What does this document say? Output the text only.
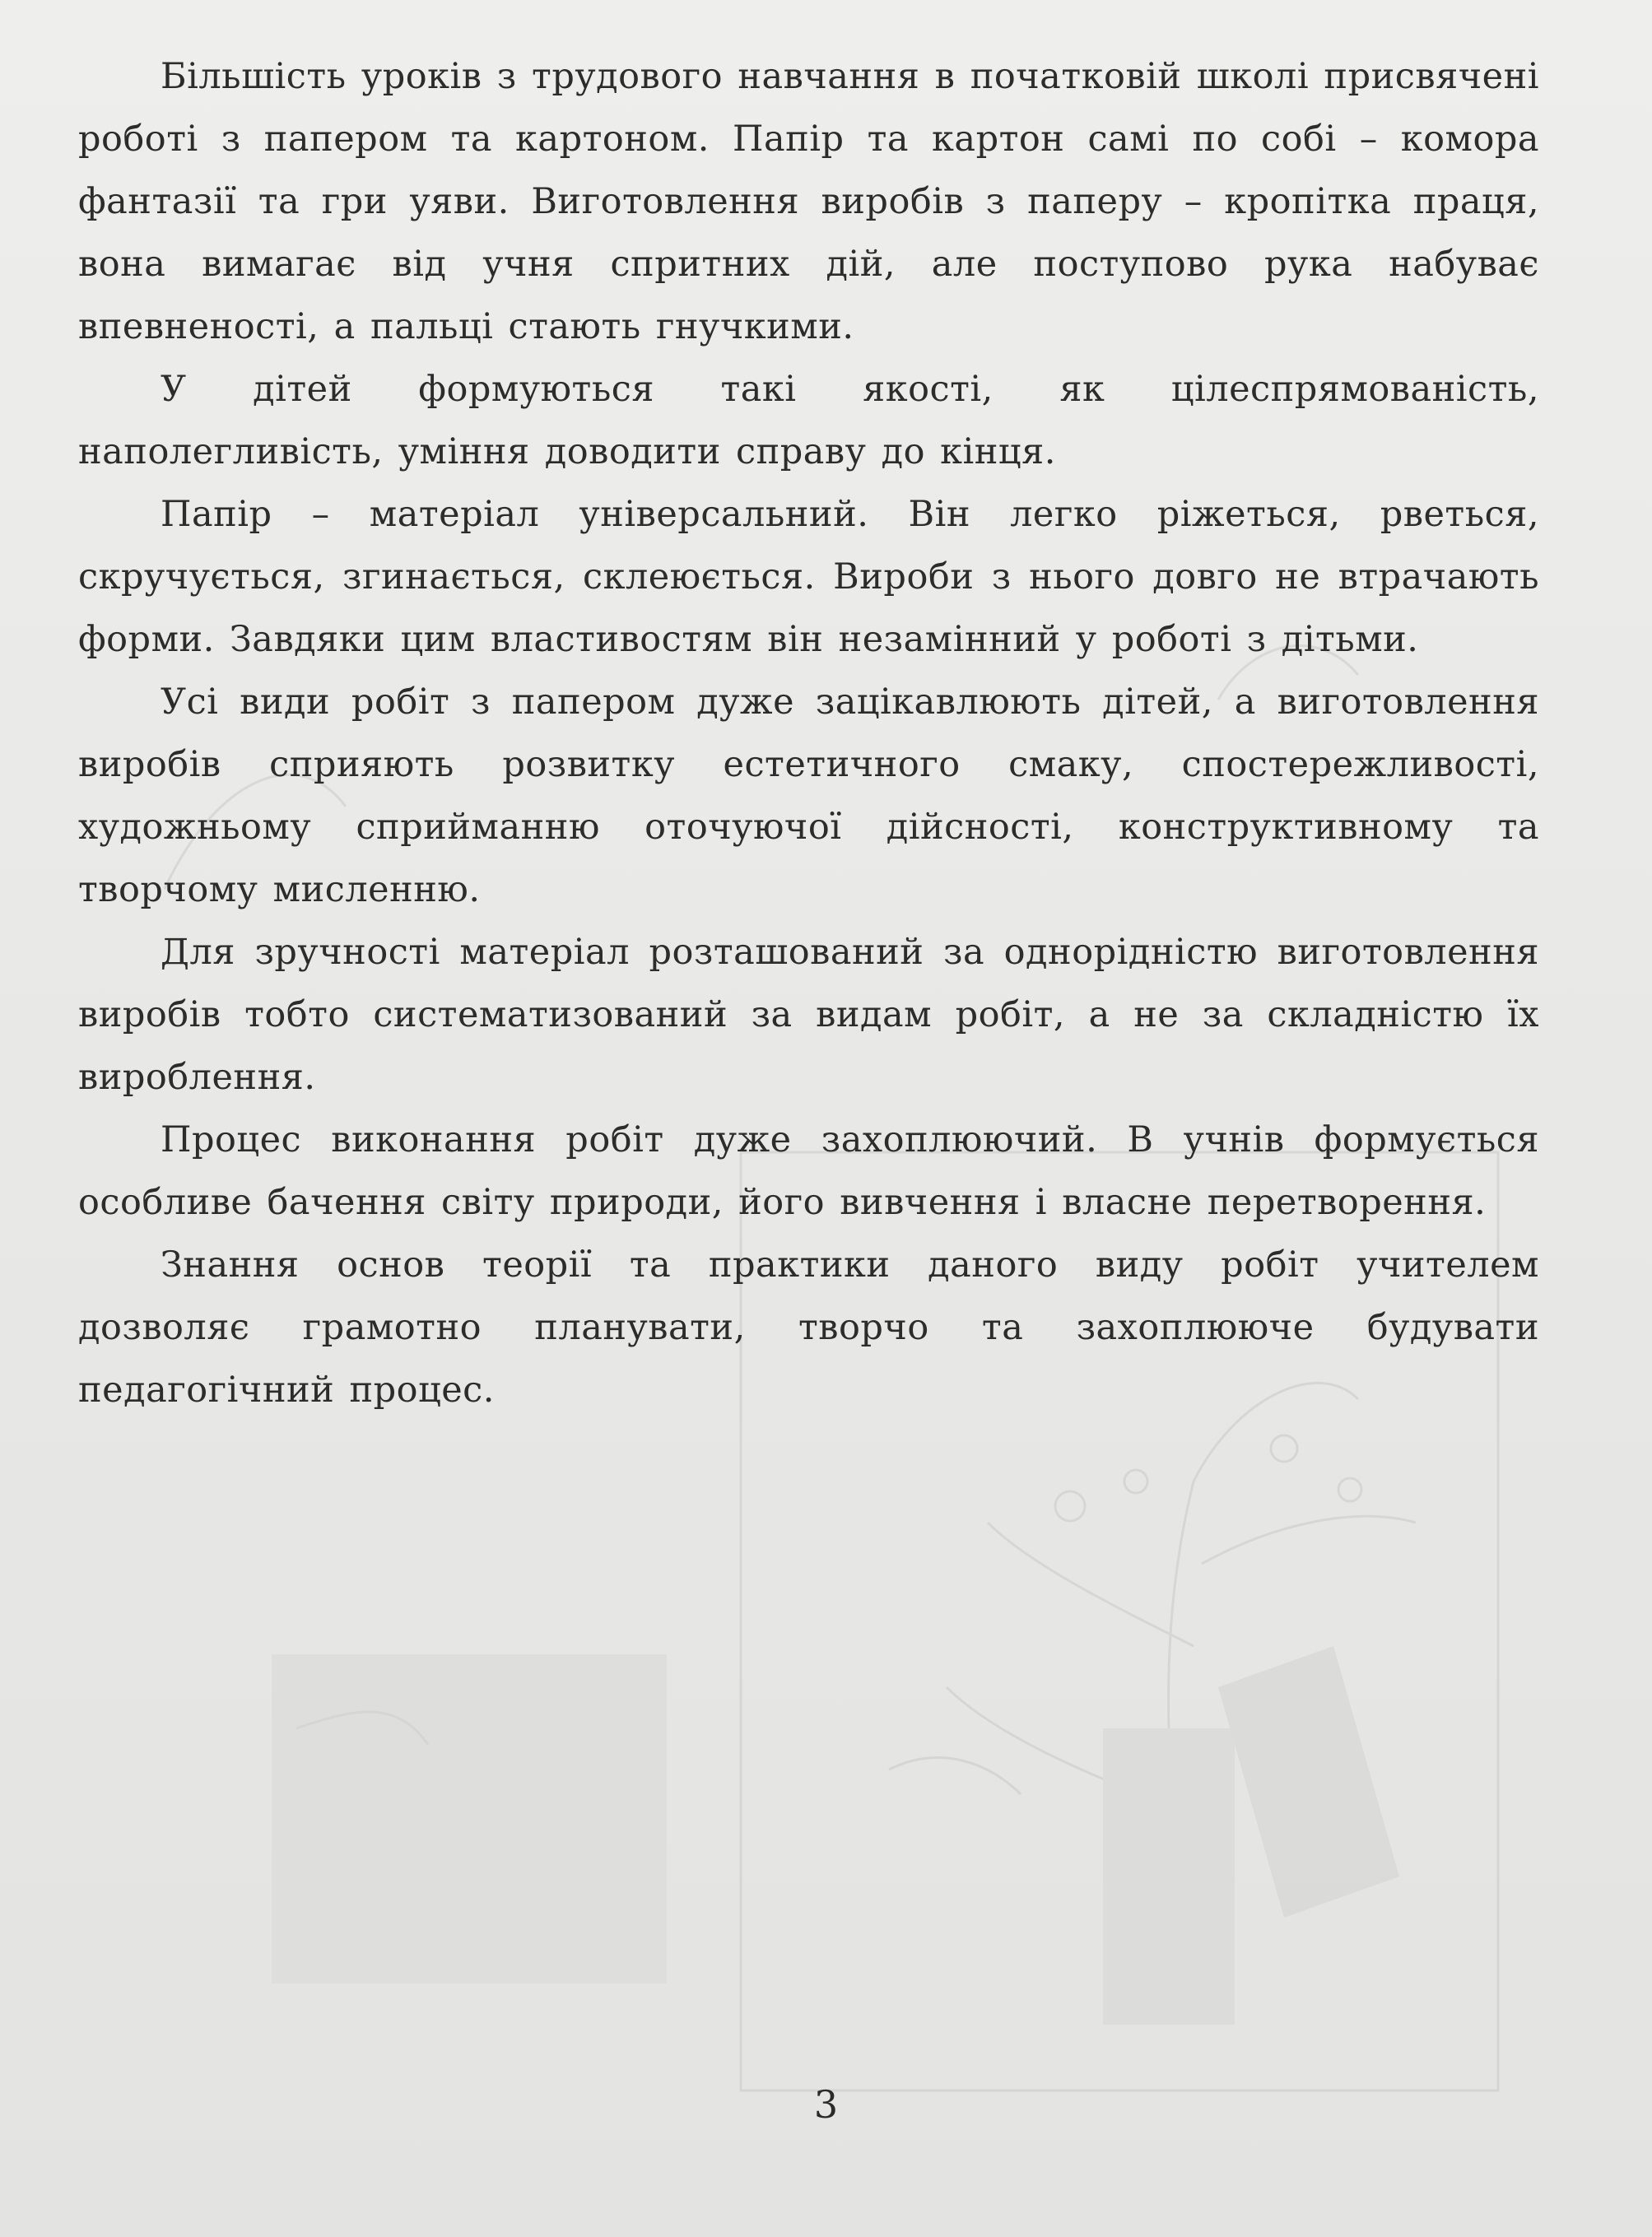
Більшість уроків з трудового навчання в початковій школі присвячені роботі з папером та картоном. Папір та картон самі по собі – комора фантазії та гри уяви. Виготовлення виробів з паперу – кропітка праця, вона вимагає від учня спритних дій, але поступово рука набуває впевненості, а пальці стають гнучкими.

У дітей формуються такі якості, як цілеспрямованість, наполегливість, уміння доводити справу до кінця.

Папір – матеріал універсальний. Він легко ріжеться, рветься, скручується, згинається, склеюється. Вироби з нього довго не втрачають форми. Завдяки цим властивостям він незамінний у роботі з дітьми.

Усі види робіт з папером дуже зацікавлюють дітей, а виготовлення виробів сприяють розвитку естетичного смаку, спостережливості, художньому сприйманню оточуючої дійсності, конструктивному та творчому мисленню.

Для зручності матеріал розташований за однорідністю виготовлення виробів тобто систематизований за видам робіт, а не за складністю їх вироблення.

Процес виконання робіт дуже захоплюючий. В учнів формується особливе бачення світу природи, його вивчення і власне перетворення.

Знання основ теорії та практики даного виду робіт учителем дозволяє грамотно планувати, творчо та захоплююче будувати педагогічний процес.

3
